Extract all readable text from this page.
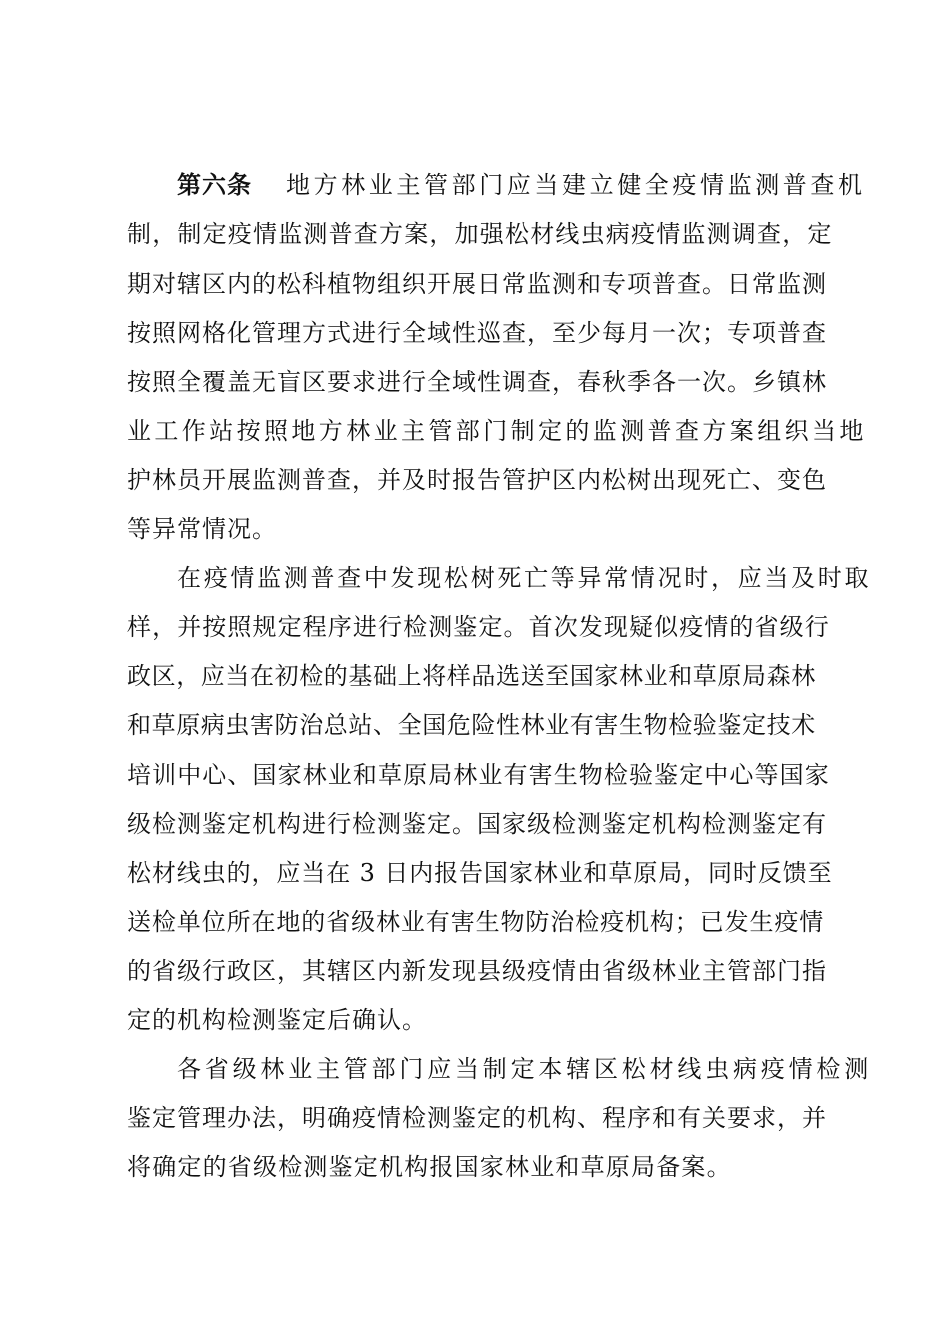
第六条 地方林业主管部门应当建立健全疫情监测普查机
制，制定疫情监测普查方案，加强松材线虫病疫情监测调查，定
期对辖区内的松科植物组织开展日常监测和专项普查。日常监测
按照网格化管理方式进行全域性巡查，至少每月一次；专项普查
按照全覆盖无盲区要求进行全域性调查，春秋季各一次。乡镇林
业工作站按照地方林业主管部门制定的监测普查方案组织当地
护林员开展监测普查，并及时报告管护区内松树出现死亡、变色
等异常情况。
在疫情监测普查中发现松树死亡等异常情况时，应当及时取
样，并按照规定程序进行检测鉴定。首次发现疑似疫情的省级行
政区，应当在初检的基础上将样品选送至国家林业和草原局森林
和草原病虫害防治总站、全国危险性林业有害生物检验鉴定技术
培训中心、国家林业和草原局林业有害生物检验鉴定中心等国家
级检测鉴定机构进行检测鉴定。国家级检测鉴定机构检测鉴定有
松材线虫的，应当在 3 日内报告国家林业和草原局，同时反馈至
送检单位所在地的省级林业有害生物防治检疫机构；已发生疫情
的省级行政区，其辖区内新发现县级疫情由省级林业主管部门指
定的机构检测鉴定后确认。
各省级林业主管部门应当制定本辖区松材线虫病疫情检测
鉴定管理办法，明确疫情检测鉴定的机构、程序和有关要求，并
将确定的省级检测鉴定机构报国家林业和草原局备案。
